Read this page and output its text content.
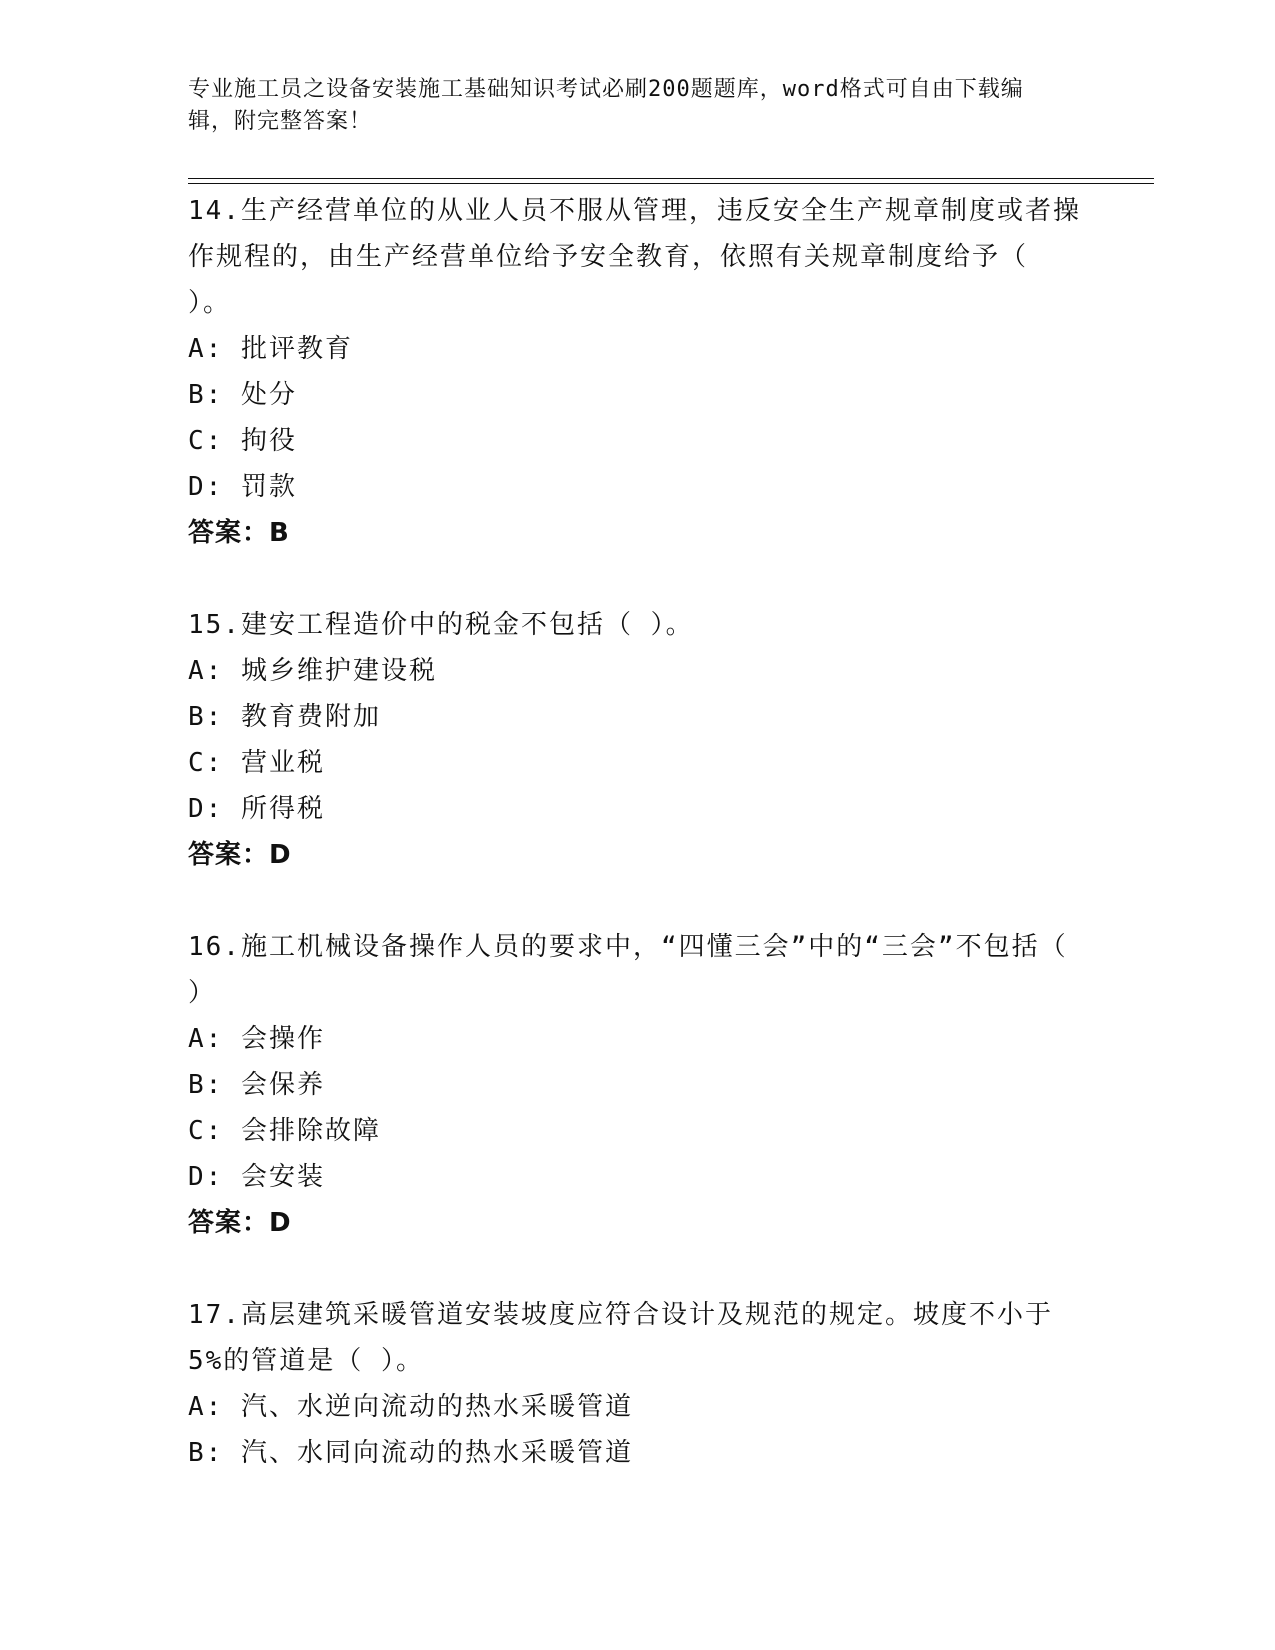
专业施工员之设备安装施工基础知识考试必刷200题题库，word格式可自由下载编辑，附完整答案！
14.生产经营单位的从业人员不服从管理，违反安全生产规章制度或者操作规程的，由生产经营单位给予安全教育，依照有关规章制度给予（ ）。
A: 批评教育
B: 处分
C: 拘役
D: 罚款
答案：B
15.建安工程造价中的税金不包括（ ）。
A: 城乡维护建设税
B: 教育费附加
C: 营业税
D: 所得税
答案：D
16.施工机械设备操作人员的要求中，“四懂三会”中的“三会”不包括（ ）
A: 会操作
B: 会保养
C: 会排除故障
D: 会安装
答案：D
17.高层建筑采暖管道安装坡度应符合设计及规范的规定。坡度不小于5%的管道是（ ）。
A: 汽、水逆向流动的热水采暖管道
B: 汽、水同向流动的热水采暖管道
